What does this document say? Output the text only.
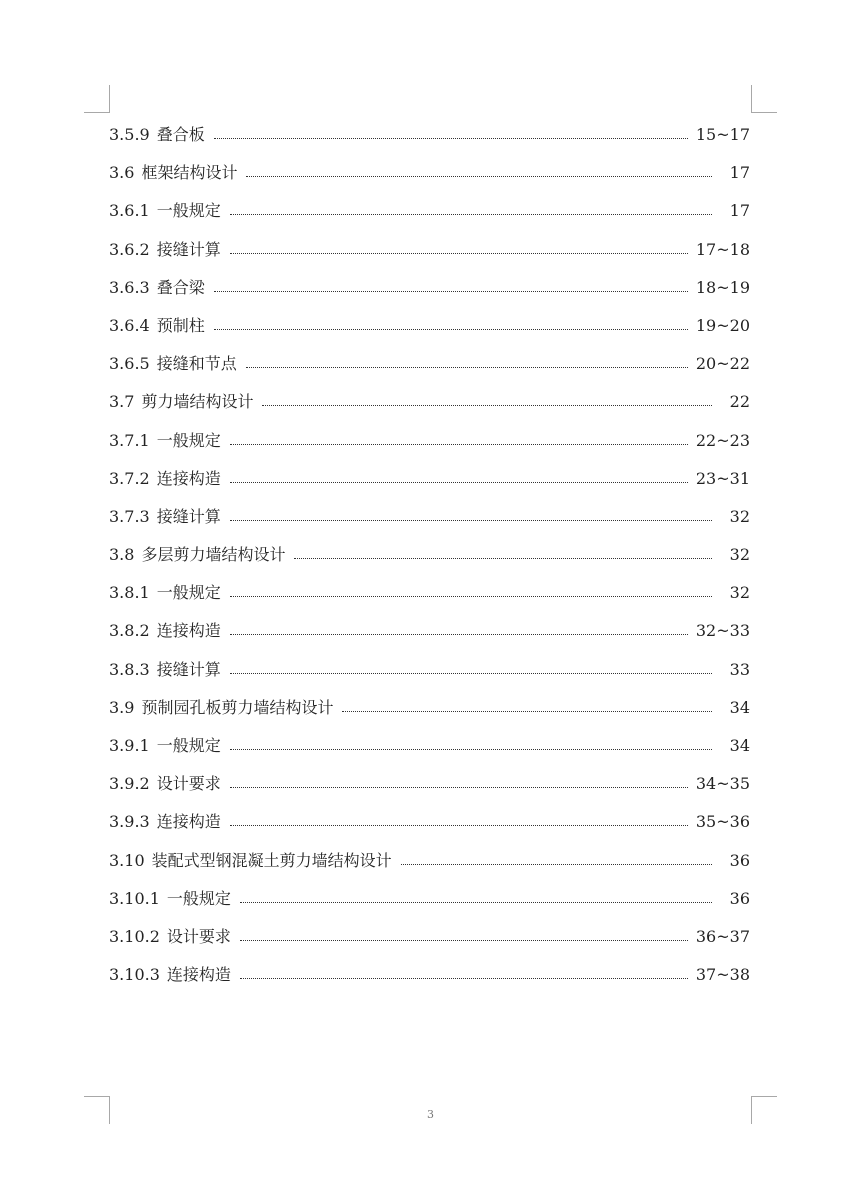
3.5.9 叠合板	15~17
3.6 框架结构设计	17
3.6.1 一般规定	17
3.6.2 接缝计算	17~18
3.6.3 叠合梁	18~19
3.6.4 预制柱	19~20
3.6.5 接缝和节点	20~22
3.7 剪力墙结构设计	22
3.7.1 一般规定	22~23
3.7.2 连接构造	23~31
3.7.3 接缝计算	32
3.8 多层剪力墙结构设计	32
3.8.1 一般规定	32
3.8.2 连接构造	32~33
3.8.3 接缝计算	33
3.9 预制园孔板剪力墙结构设计	34
3.9.1 一般规定	34
3.9.2 设计要求	34~35
3.9.3 连接构造	35~36
3.10 装配式型钢混凝土剪力墙结构设计	36
3.10.1 一般规定	36
3.10.2 设计要求	36~37
3.10.3 连接构造	37~38
3
